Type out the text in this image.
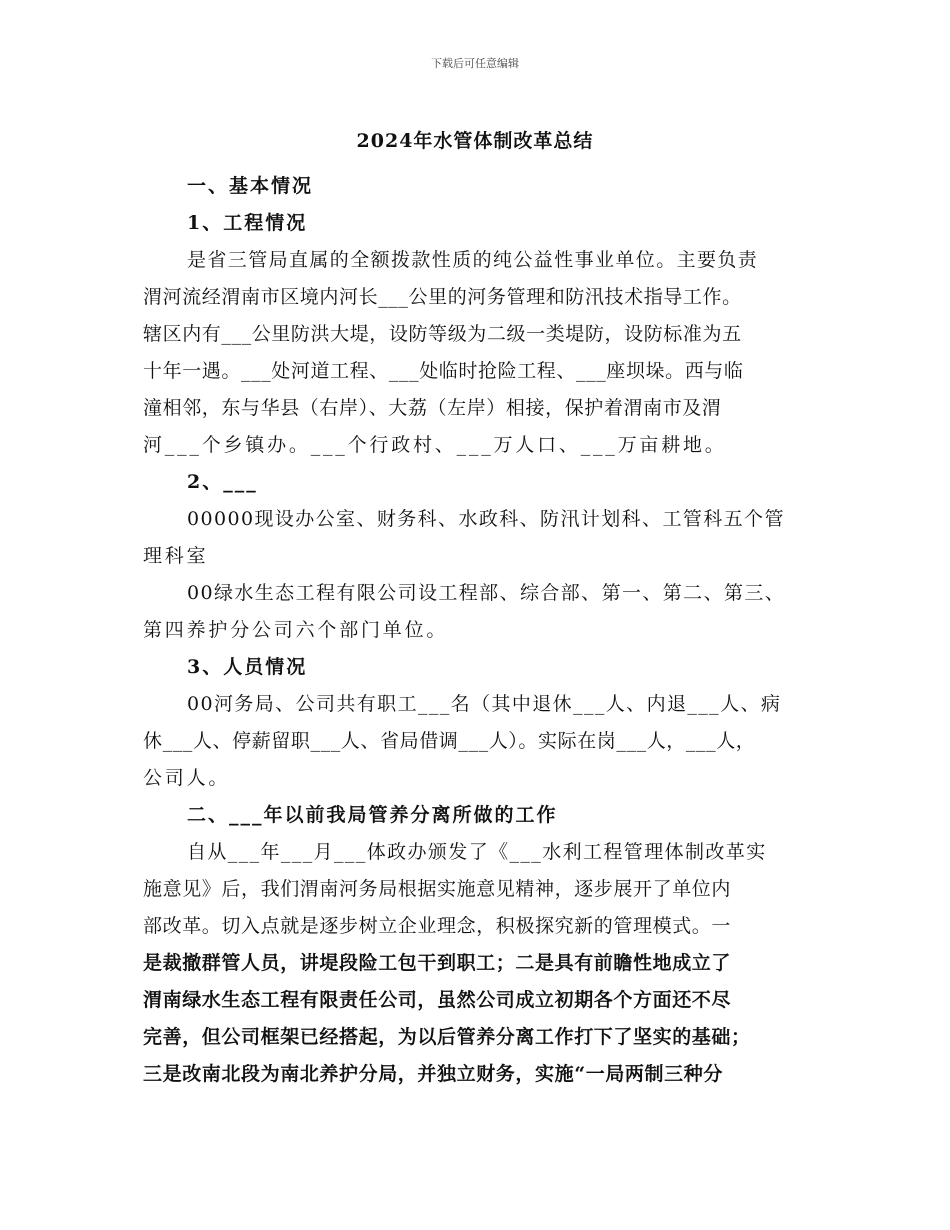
下载后可任意编辑
2024年水管体制改革总结
一、基本情况
1、工程情况
是省三管局直属的全额拨款性质的纯公益性事业单位。主要负责
渭河流经渭南市区境内河长___公里的河务管理和防汛技术指导工作。
辖区内有___公里防洪大堤，设防等级为二级一类堤防，设防标准为五
十年一遇。___处河道工程、___处临时抢险工程、___座坝垛。西与临
潼相邻，东与华县（右岸）、大荔（左岸）相接，保护着渭南市及渭
河___个乡镇办。___个行政村、___万人口、___万亩耕地。
2、___
00000现设办公室、财务科、水政科、防汛计划科、工管科五个管
理科室
00绿水生态工程有限公司设工程部、综合部、第一、第二、第三、
第四养护分公司六个部门单位。
3、人员情况
00河务局、公司共有职工___名（其中退休___人、内退___人、病
休___人、停薪留职___人、省局借调___人）。实际在岗___人，___人，
公司人。
二、___年以前我局管养分离所做的工作
自从___年___月___体政办颁发了《___水利工程管理体制改革实
施意见》后，我们渭南河务局根据实施意见精神，逐步展开了单位内
部改革。切入点就是逐步树立企业理念，积极探究新的管理模式。一
是裁撤群管人员，讲堤段险工包干到职工；二是具有前瞻性地成立了
渭南绿水生态工程有限责任公司，虽然公司成立初期各个方面还不尽
完善，但公司框架已经搭起，为以后管养分离工作打下了坚实的基础；
三是改南北段为南北养护分局，并独立财务，实施“一局两制三种分
